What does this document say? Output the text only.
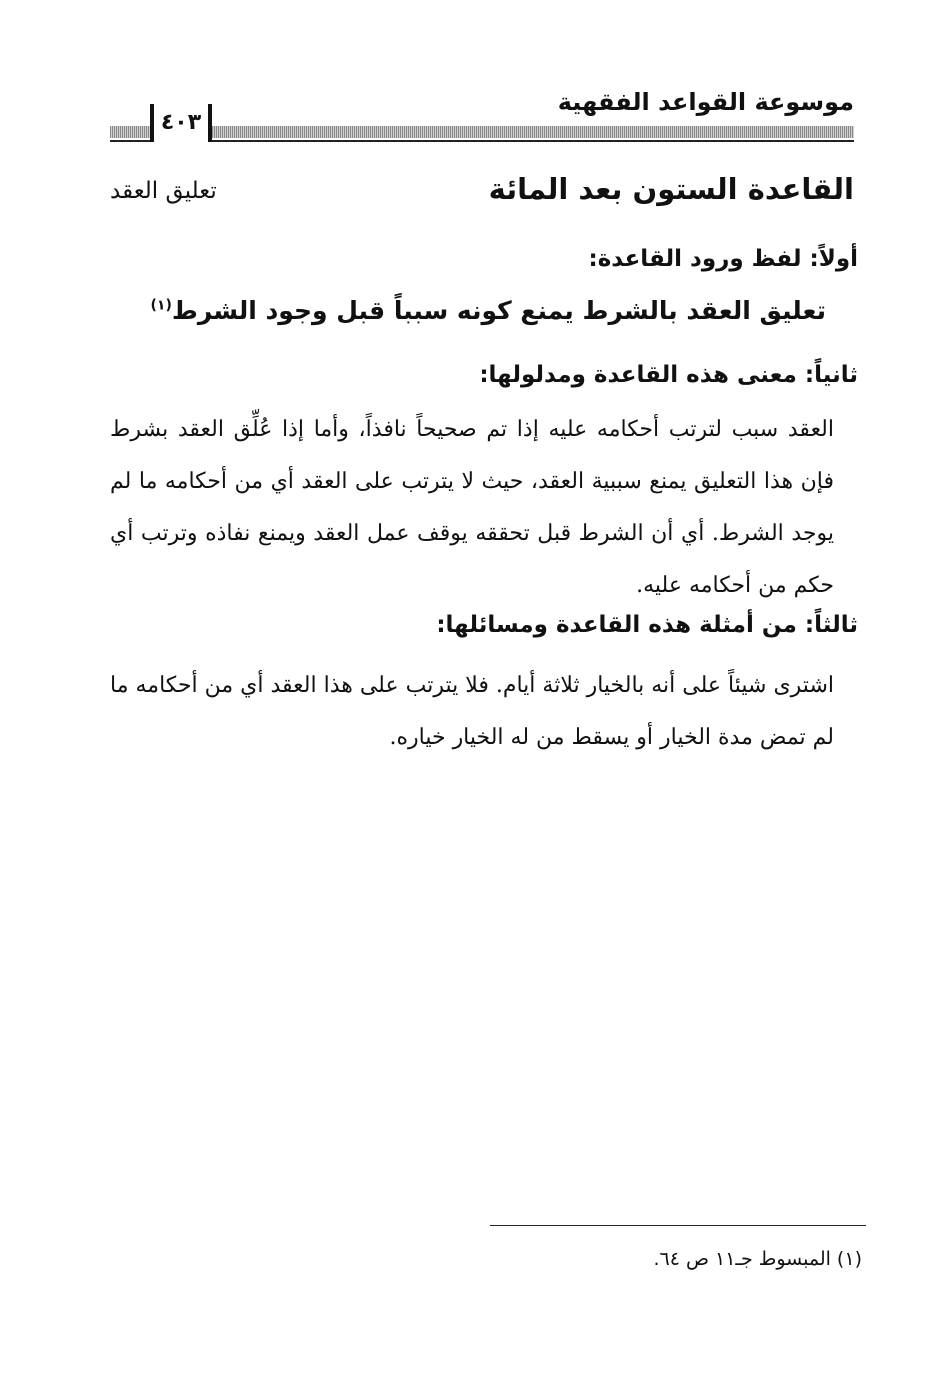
٤٠٣
موسوعة القواعد الفقهية
القاعدة الستون بعد المائة
تعليق العقد
أولاً: لفظ ورود القاعدة:
تعليق العقد بالشرط يمنع كونه سبباً قبل وجود الشرط$^{(١)}$
ثانياً: معنى هذه القاعدة ومدلولها:
العقد سبب لترتب أحكامه عليه إذا تم صحيحاً نافذاً، وأما إذا عُلِّق العقد بشرط فإن هذا التعليق يمنع سببية العقد، حيث لا يترتب على العقد أي من أحكامه ما لم يوجد الشرط. أي أن الشرط قبل تحققه يوقف عمل العقد ويمنع نفاذه وترتب أي حكم من أحكامه عليه.
ثالثاً: من أمثلة هذه القاعدة ومسائلها:
اشترى شيئاً على أنه بالخيار ثلاثة أيام. فلا يترتب على هذا العقد أي من أحكامه ما لم تمض مدة الخيار أو يسقط من له الخيار خياره.
(١) المبسوط جـ١١ ص ٦٤.
